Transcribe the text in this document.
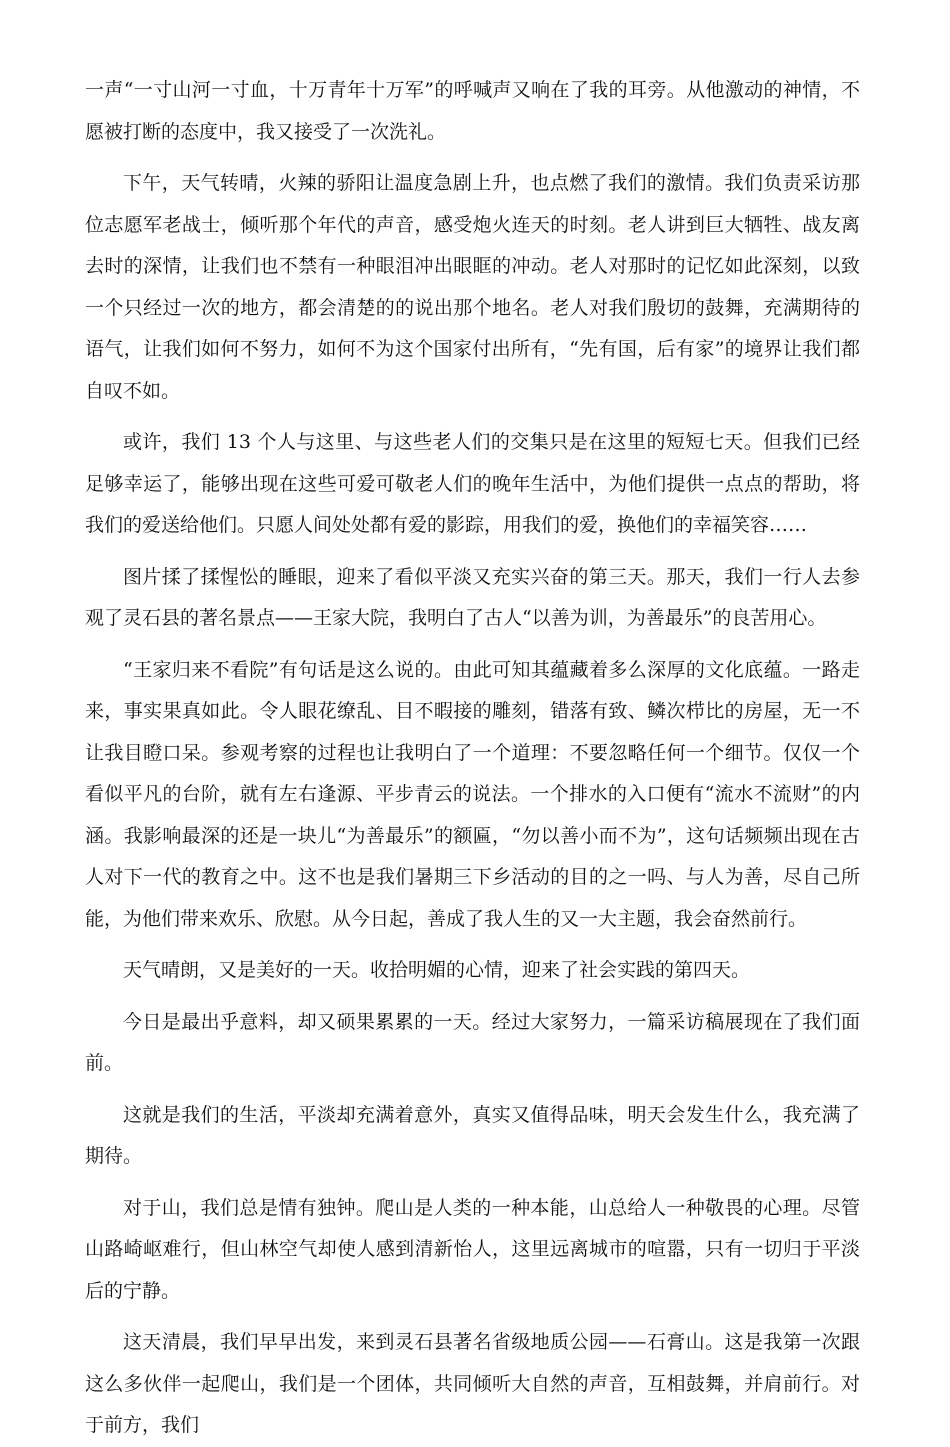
一声“一寸山河一寸血，十万青年十万军”的呼喊声又响在了我的耳旁。从他激动的神情，不愿被打断的态度中，我又接受了一次洗礼。

下午，天气转晴，火辣的骄阳让温度急剧上升，也点燃了我们的激情。我们负责采访那位志愿军老战士，倾听那个年代的声音，感受炮火连天的时刻。老人讲到巨大牺牲、战友离去时的深情，让我们也不禁有一种眼泪冲出眼眶的冲动。老人对那时的记忆如此深刻，以致一个只经过一次的地方，都会清楚的的说出那个地名。老人对我们殷切的鼓舞，充满期待的语气，让我们如何不努力，如何不为这个国家付出所有，“先有国，后有家”的境界让我们都自叹不如。

或许，我们 13 个人与这里、与这些老人们的交集只是在这里的短短七天。但我们已经足够幸运了，能够出现在这些可爱可敬老人们的晚年生活中，为他们提供一点点的帮助，将我们的爱送给他们。只愿人间处处都有爱的影踪，用我们的爱，换他们的幸福笑容……

图片揉了揉惺忪的睡眼，迎来了看似平淡又充实兴奋的第三天。那天，我们一行人去参观了灵石县的著名景点——王家大院，我明白了古人“以善为训，为善最乐”的良苦用心。

“王家归来不看院”有句话是这么说的。由此可知其蕴藏着多么深厚的文化底蕴。一路走来，事实果真如此。令人眼花缭乱、目不暇接的雕刻，错落有致、鳞次栉比的房屋，无一不让我目瞪口呆。参观考察的过程也让我明白了一个道理：不要忽略任何一个细节。仅仅一个看似平凡的台阶，就有左右逢源、平步青云的说法。一个排水的入口便有“流水不流财”的内涵。我影响最深的还是一块儿“为善最乐”的额匾，“勿以善小而不为”，这句话频频出现在古人对下一代的教育之中。这不也是我们暑期三下乡活动的目的之一吗、与人为善，尽自己所能，为他们带来欢乐、欣慰。从今日起，善成了我人生的又一大主题，我会奋然前行。

天气晴朗，又是美好的一天。收拾明媚的心情，迎来了社会实践的第四天。

今日是最出乎意料，却又硕果累累的一天。经过大家努力，一篇采访稿展现在了我们面前。

这就是我们的生活，平淡却充满着意外，真实又值得品味，明天会发生什么，我充满了期待。

对于山，我们总是情有独钟。爬山是人类的一种本能，山总给人一种敬畏的心理。尽管山路崎岖难行，但山林空气却使人感到清新怡人，这里远离城市的喧嚣，只有一切归于平淡后的宁静。

这天清晨，我们早早出发，来到灵石县著名省级地质公园——石膏山。这是我第一次跟这么多伙伴一起爬山，我们是一个团体，共同倾听大自然的声音，互相鼓舞，并肩前行。对于前方，我们
